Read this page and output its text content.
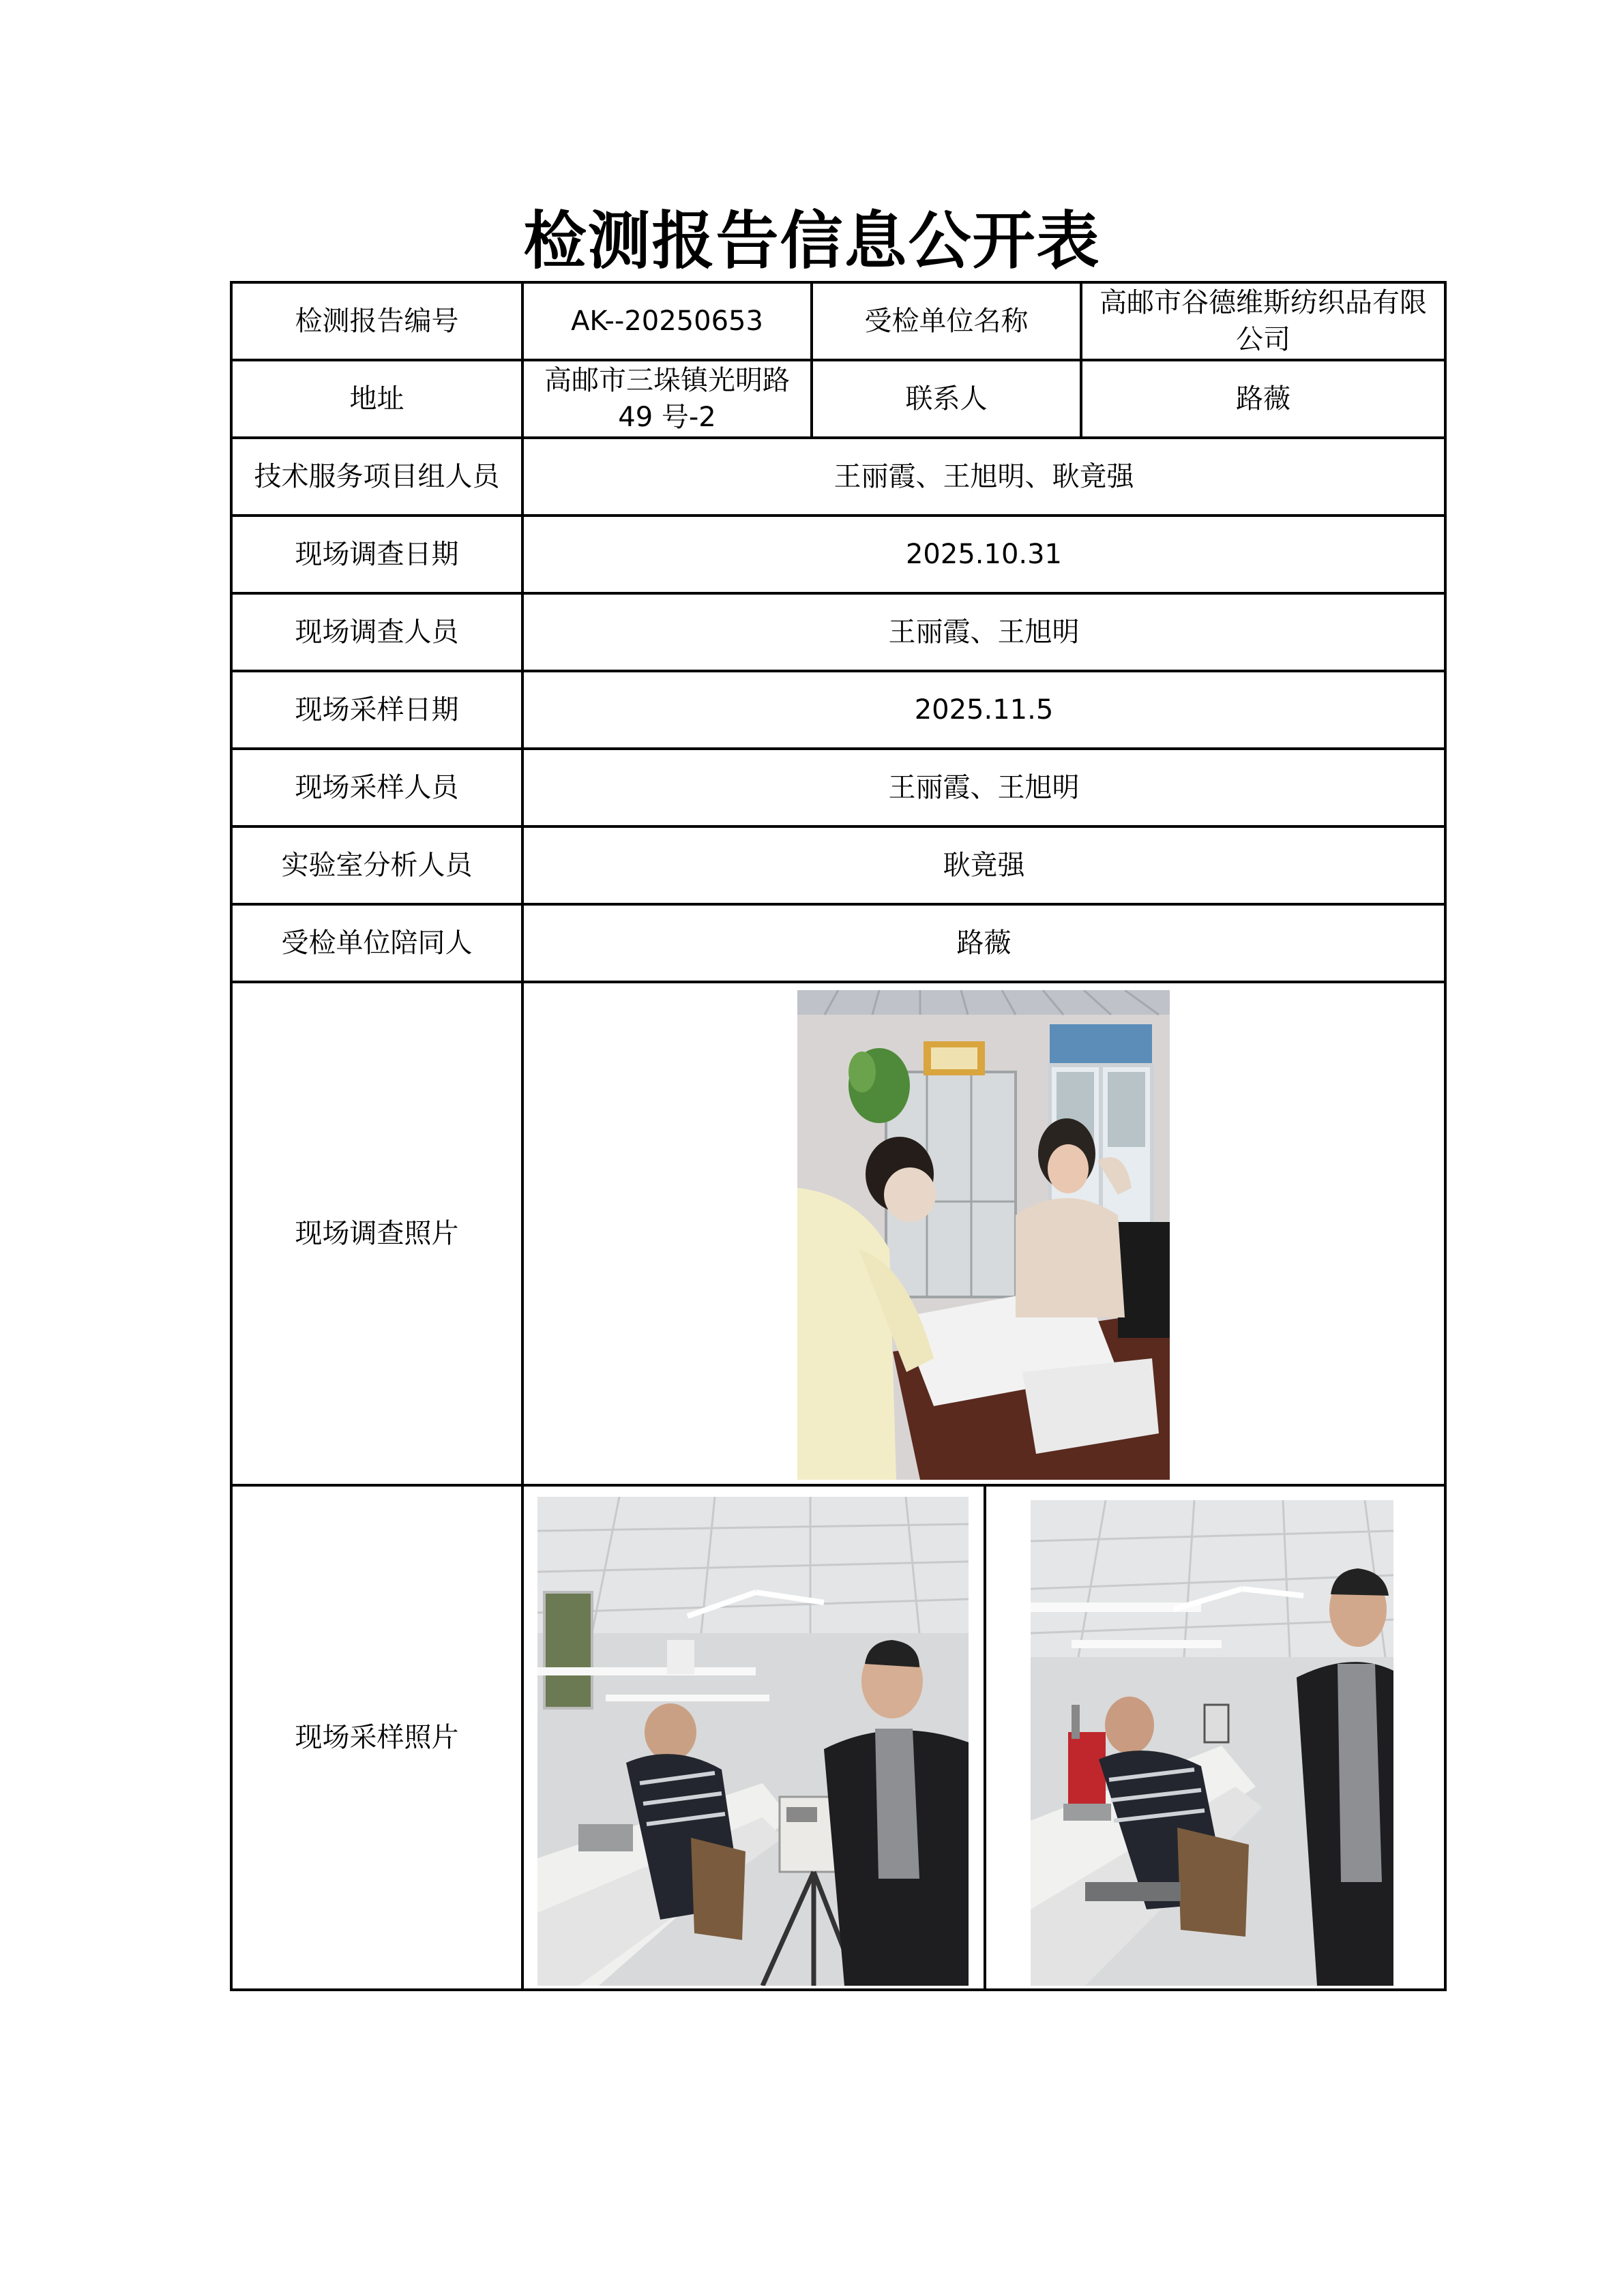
检测报告信息公开表
检测报告编号	AK--20250653	受检单位名称	高邮市谷德维斯纺织品有限公司
地址	高邮市三垛镇光明路49 号-2	联系人	路薇
技术服务项目组人员	王丽霞、王旭明、耿竟强		
现场调查日期	2025.10.31		
现场调查人员	王丽霞、王旭明		
现场采样日期	2025.11.5		
现场采样人员	王丽霞、王旭明		
实验室分析人员	耿竟强		
受检单位陪同人	路薇		
现场调查照片	

现场采样照片	
